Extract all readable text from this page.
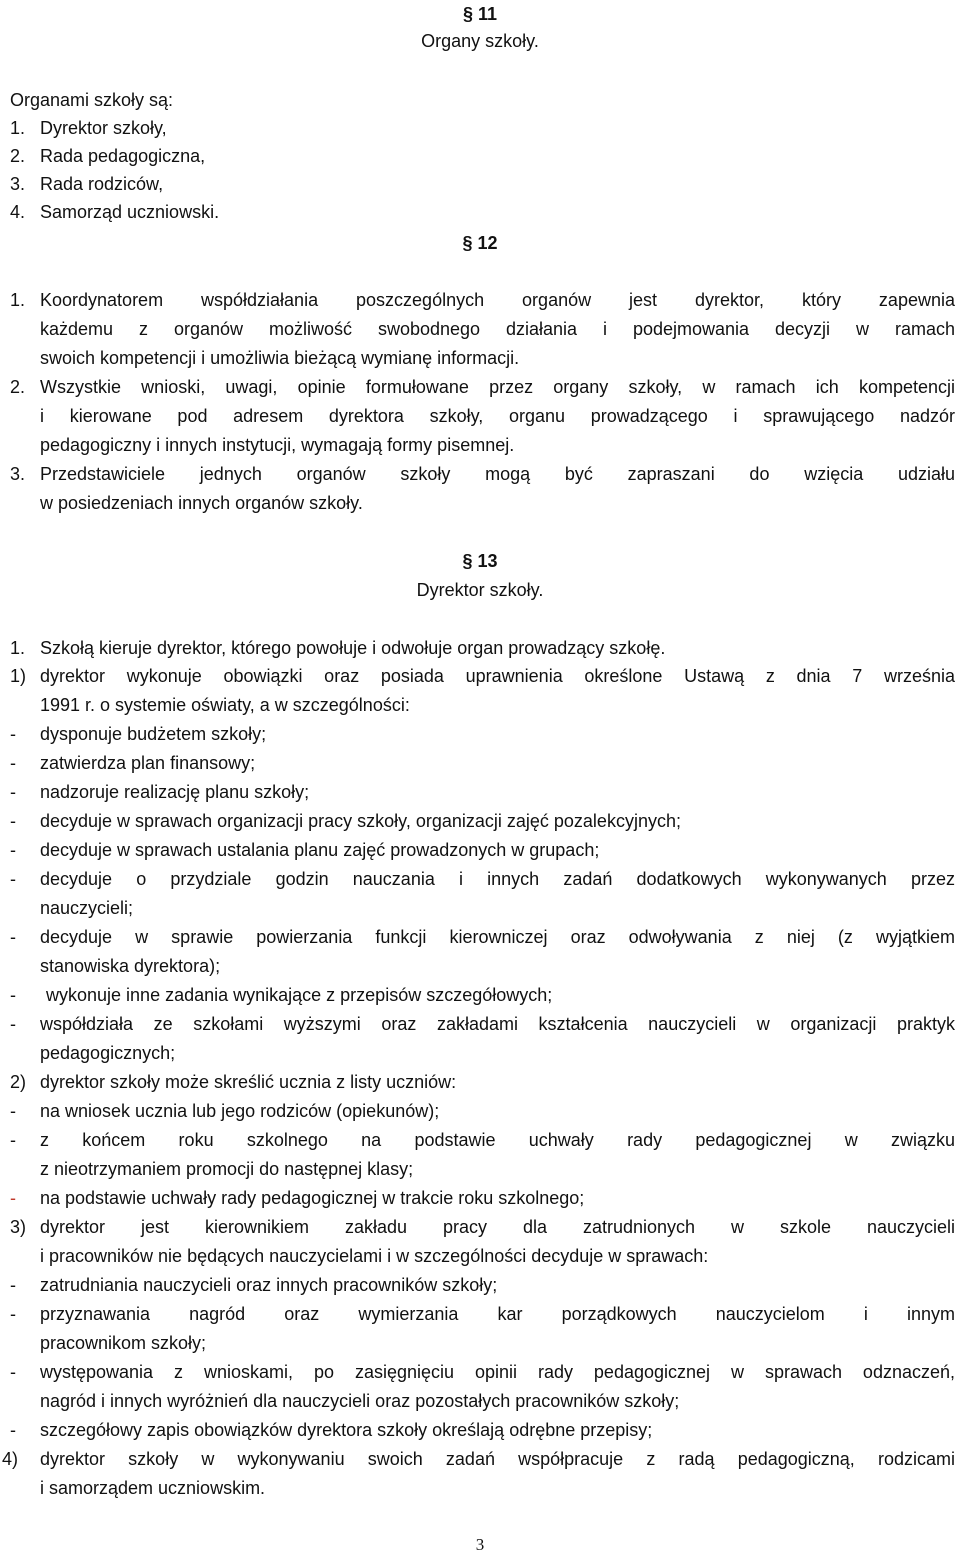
§ 11
Organy szkoły.
Organami szkoły są:
1. Dyrektor szkoły,
2. Rada pedagogiczna,
3. Rada rodziców,
4. Samorząd uczniowski.
§ 12
1. Koordynatorem współdziałania poszczególnych organów jest dyrektor, który zapewnia
każdemu z organów możliwość swobodnego działania i podejmowania decyzji w ramach
swoich kompetencji i umożliwia bieżącą wymianę informacji.
2. Wszystkie wnioski, uwagi, opinie formułowane przez organy szkoły, w ramach ich kompetencji
i kierowane pod adresem dyrektora szkoły, organu prowadzącego i sprawującego nadzór
pedagogiczny i innych instytucji, wymagają formy pisemnej.
3. Przedstawiciele jednych organów szkoły mogą być zapraszani do wzięcia udziału
w posiedzeniach innych organów szkoły.
§ 13
Dyrektor szkoły.
1. Szkołą kieruje dyrektor, którego powołuje i odwołuje organ prowadzący szkołę.
1) dyrektor wykonuje obowiązki oraz posiada uprawnienia określone Ustawą z dnia 7 września
1991 r. o systemie oświaty, a w szczególności:
- dysponuje budżetem szkoły;
- zatwierdza plan finansowy;
- nadzoruje realizację planu szkoły;
- decyduje w sprawach organizacji pracy szkoły, organizacji zajęć pozalekcyjnych;
- decyduje w sprawach ustalania planu zajęć prowadzonych w grupach;
- decyduje o przydziale godzin nauczania i innych zadań dodatkowych wykonywanych przez
nauczycieli;
- decyduje w sprawie powierzania funkcji kierowniczej oraz odwoływania z niej (z wyjątkiem
stanowiska dyrektora);
- wykonuje inne zadania wynikające z przepisów szczegółowych;
- współdziała ze szkołami wyższymi oraz zakładami kształcenia nauczycieli w organizacji praktyk
pedagogicznych;
2) dyrektor szkoły może skreślić ucznia z listy uczniów:
- na wniosek ucznia lub jego rodziców (opiekunów);
- z końcem roku szkolnego na podstawie uchwały rady pedagogicznej w związku
z nieotrzymaniem promocji do następnej klasy;
- na podstawie uchwały rady pedagogicznej w trakcie roku szkolnego;
3) dyrektor jest kierownikiem zakładu pracy dla zatrudnionych w szkole nauczycieli
i pracowników nie będących nauczycielami i w szczególności decyduje w sprawach:
- zatrudniania nauczycieli oraz innych pracowników szkoły;
- przyznawania nagród oraz wymierzania kar porządkowych nauczycielom i innym
pracownikom szkoły;
- występowania z wnioskami, po zasięgnięciu opinii rady pedagogicznej w sprawach odznaczeń,
nagród i innych wyróżnień dla nauczycieli oraz pozostałych pracowników szkoły;
- szczegółowy zapis obowiązków dyrektora szkoły określają odrębne przepisy;
4) dyrektor szkoły w wykonywaniu swoich zadań współpracuje z radą pedagogiczną, rodzicami
i samorządem uczniowskim.
3
